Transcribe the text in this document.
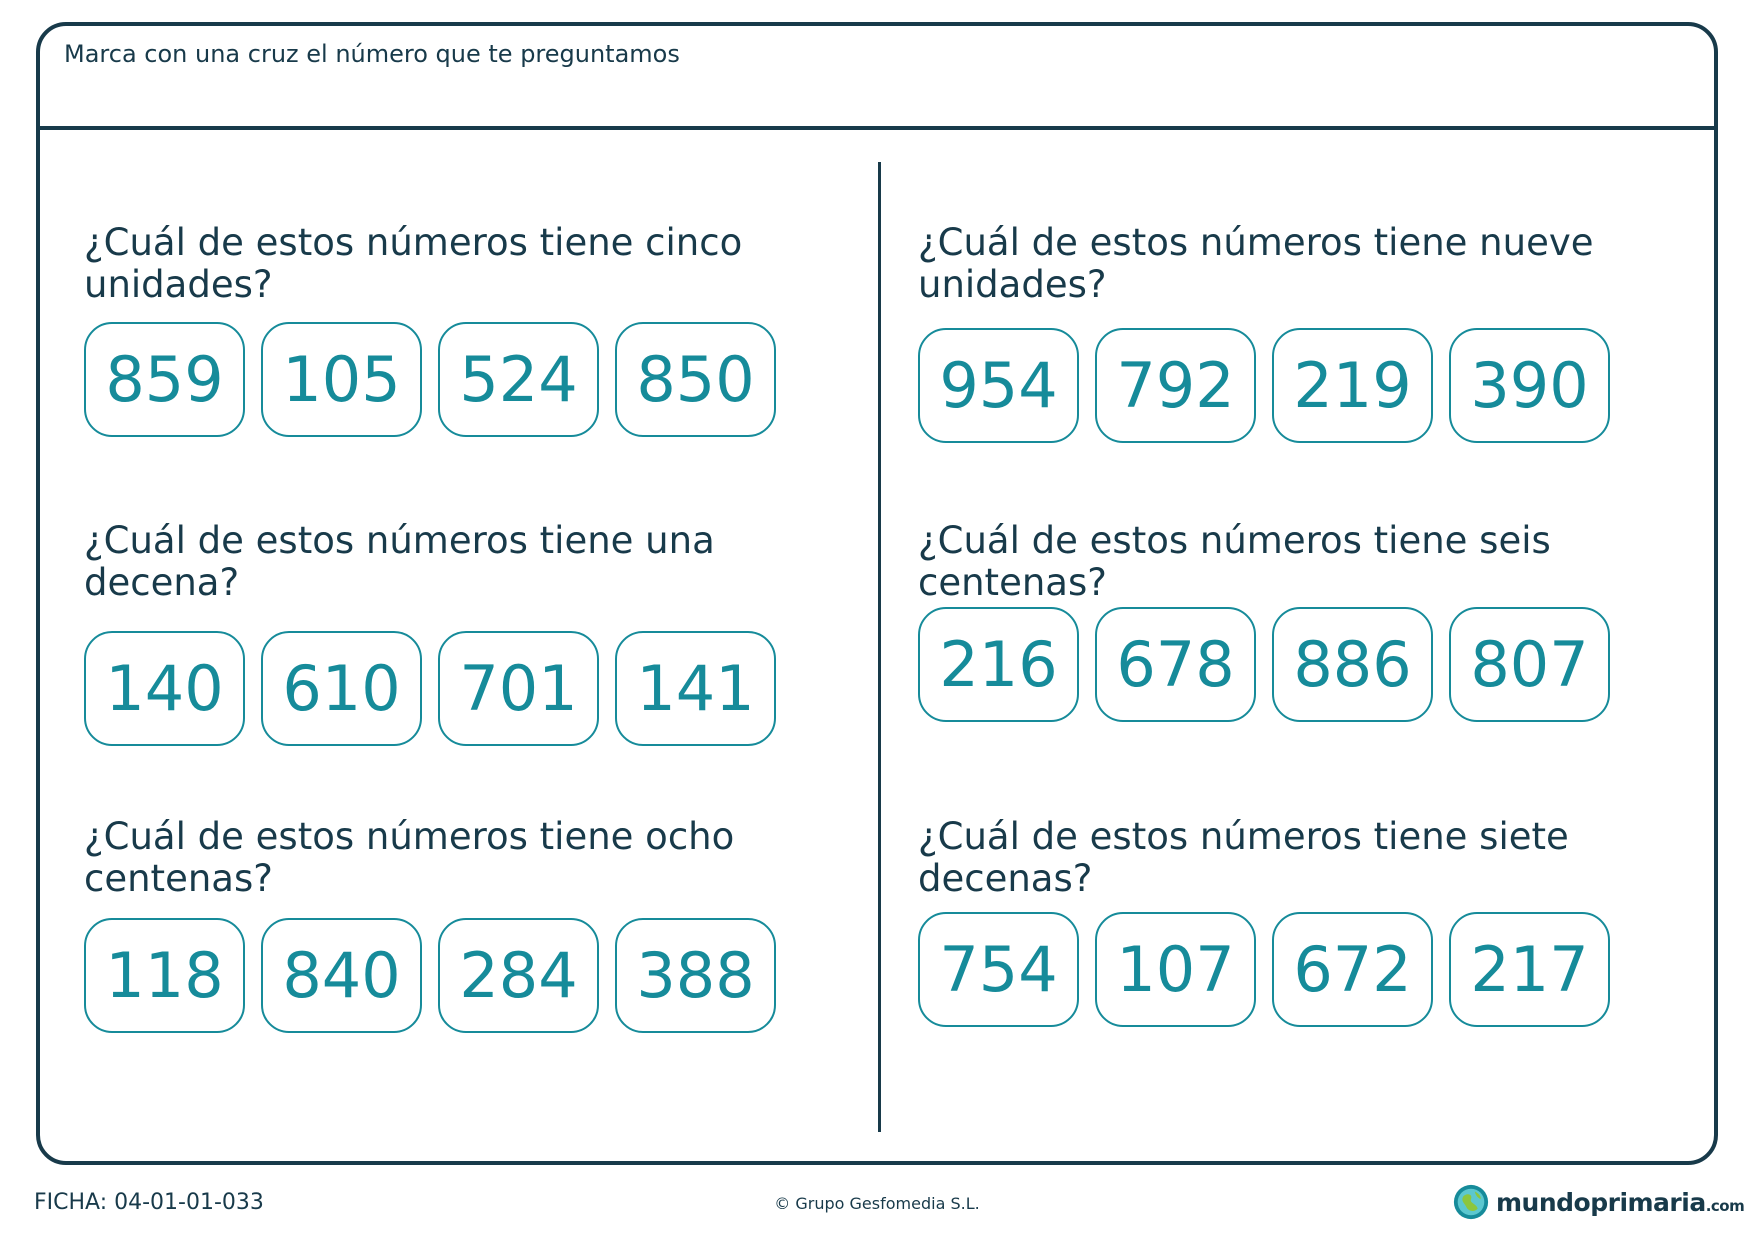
Marca con una cruz el número que te preguntamos
¿Cuál de estos números tiene cinco unidades?
859 105 524 850
¿Cuál de estos números tiene una decena?
140 610 701 141
¿Cuál de estos números tiene ocho centenas?
118 840 284 388
¿Cuál de estos números tiene nueve unidades?
954 792 219 390
¿Cuál de estos números tiene seis centenas?
216 678 886 807
¿Cuál de estos números tiene siete decenas?
754 107 672 217
FICHA: 04-01-01-033	© Grupo Gesfomedia S.L.	mundoprimaria.com
